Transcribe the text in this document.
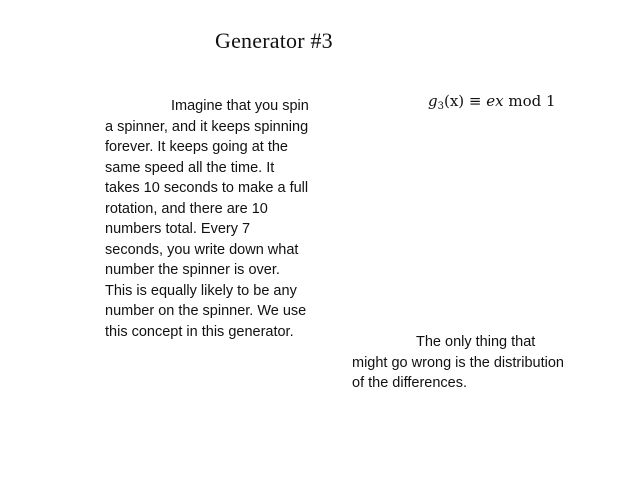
Generator #3
$g_3(x)$ ≡ ex mod 1
Imagine that you spin
a spinner, and it keeps spinning
forever. It keeps going at the
same speed all the time. It
takes 10 seconds to make a full
rotation, and there are 10
numbers total. Every 7
seconds, you write down what
number the spinner is over.
This is equally likely to be any
number on the spinner. We use
this concept in this generator.
The only thing that
might go wrong is the distribution
of the differences.
